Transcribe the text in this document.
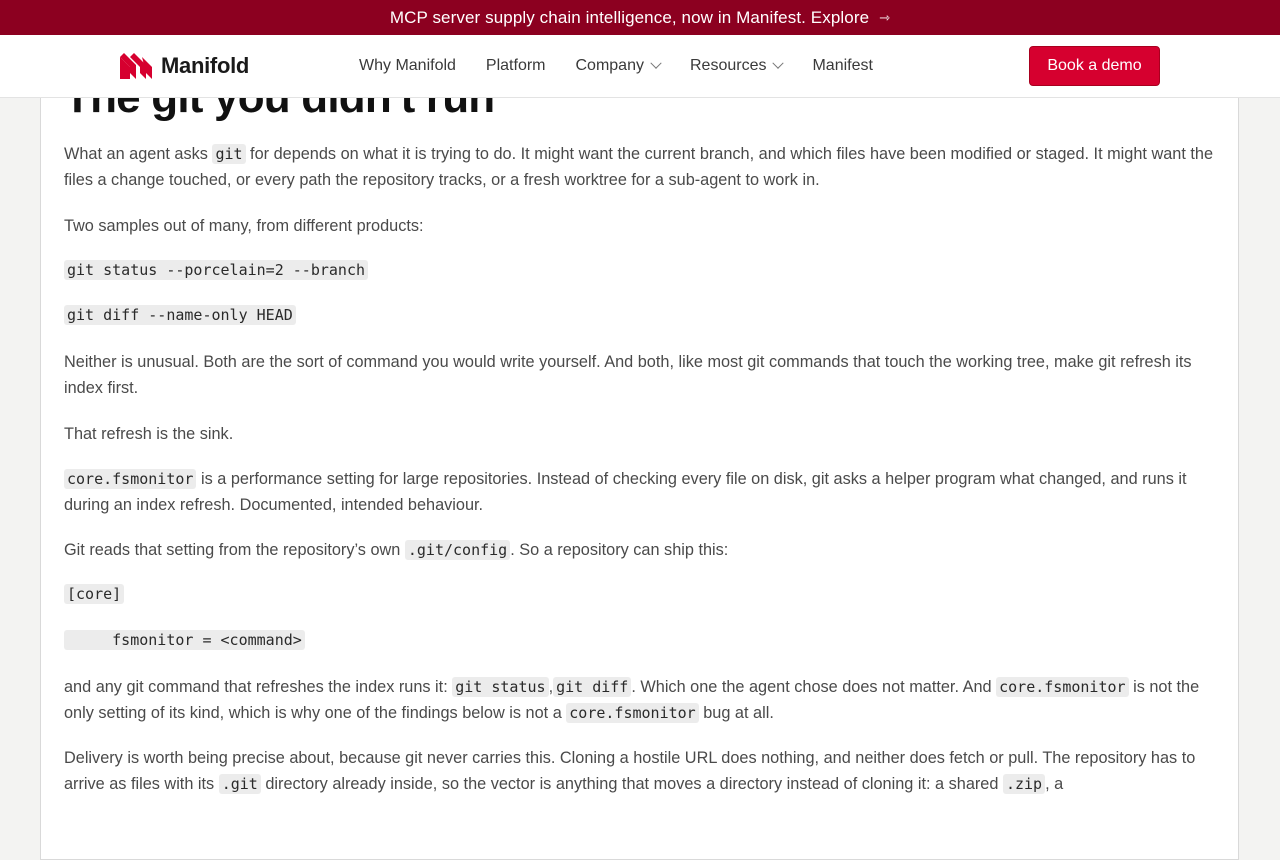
MCP server supply chain intelligence, now in Manifest. Explore ⇾

What an agent asks git for depends on what it is trying to do. It might want the current branch, and which files have been modified or staged. It might want the files a change touched, or every path the repository tracks, or a fresh worktree for a sub-agent to work in.

Two samples out of many, from different products:

git status --porcelain=2 --branch

git diff --name-only HEAD

Neither is unusual. Both are the sort of command you would write yourself. And both, like most git commands that touch the working tree, make git refresh its index first.

That refresh is the sink.

core.fsmonitor is a performance setting for large repositories. Instead of checking every file on disk, git asks a helper program what changed, and runs it during an index refresh. Documented, intended behaviour.

Git reads that setting from the repository’s own .git/config . So a repository can ship this:

[core]

fsmonitor = <command>

and any git command that refreshes the index runs it: git status , git diff . Which one the agent chose does not matter. And core.fsmonitor is not the only setting of its kind, which is why one of the findings below is not a core.fsmonitor bug at all.

Delivery is worth being precise about, because git never carries this. Cloning a hostile URL does nothing, and neither does fetch or pull. The repository has to arrive as files with its .git directory already inside, so the vector is anything that moves a directory instead of cloning it: a shared .zip , a

Manifold	Why Manifold Platform Company	Resources	Manifest	Book a demo
